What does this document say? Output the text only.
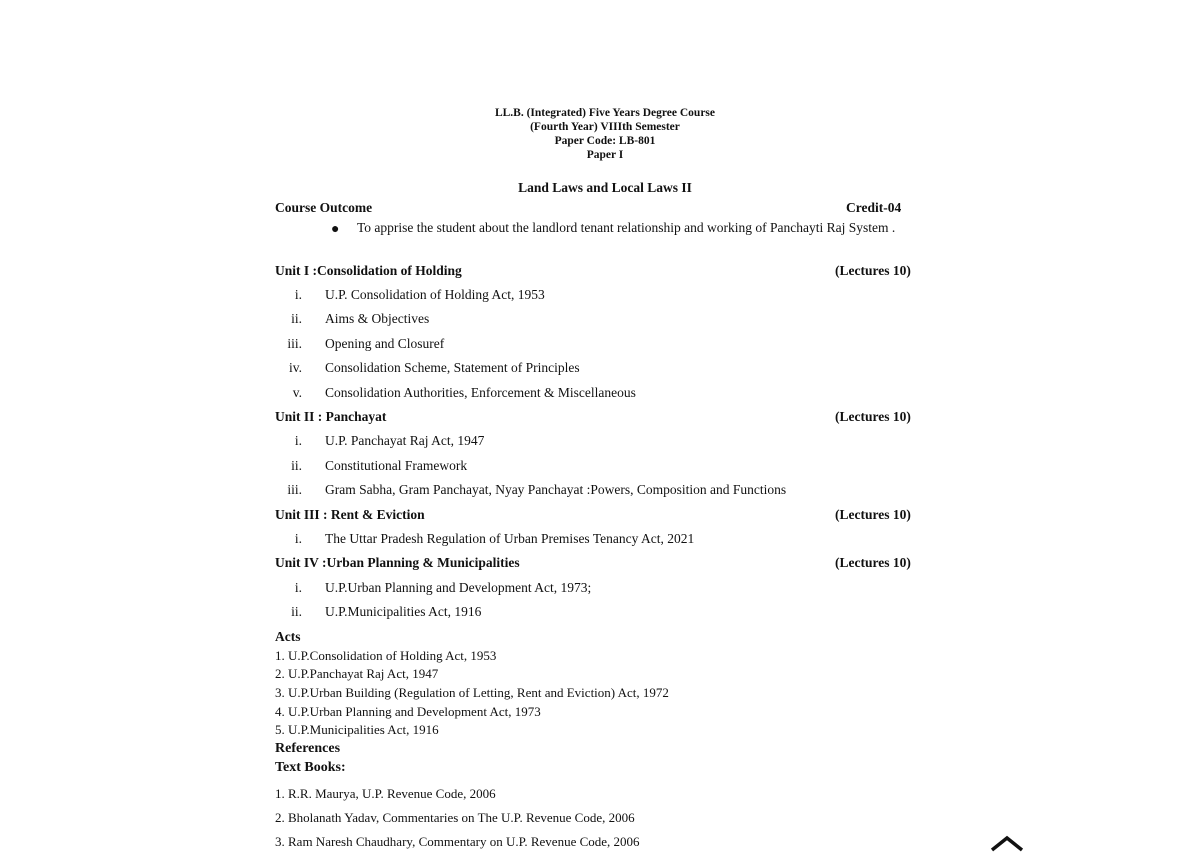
LL.B. (Integrated) Five Years Degree Course
(Fourth Year) VIIIth Semester
Paper Code: LB-801
Paper I
Land Laws and Local Laws II
Course Outcome	Credit-04
● To apprise the student about the landlord tenant relationship and working of Panchayti Raj System .
Unit I :Consolidation of Holding	(Lectures 10)
i. U.P. Consolidation of Holding Act, 1953
ii. Aims & Objectives
iii. Opening and Closuref
iv. Consolidation Scheme, Statement of Principles
v. Consolidation Authorities, Enforcement & Miscellaneous
Unit II : Panchayat	(Lectures 10)
i. U.P. Panchayat Raj Act, 1947
ii. Constitutional Framework
iii. Gram Sabha, Gram Panchayat, Nyay Panchayat :Powers, Composition and Functions
Unit III : Rent & Eviction	(Lectures 10)
i. The Uttar Pradesh Regulation of Urban Premises Tenancy Act, 2021
Unit IV :Urban Planning & Municipalities	(Lectures 10)
i. U.P.Urban Planning and Development Act, 1973;
ii. U.P.Municipalities Act, 1916
Acts
1. U.P.Consolidation of Holding Act, 1953
2. U.P.Panchayat Raj Act, 1947
3. U.P.Urban Building (Regulation of Letting, Rent and Eviction) Act, 1972
4. U.P.Urban Planning and Development Act, 1973
5. U.P.Municipalities Act, 1916
References
Text Books:
1. R.R. Maurya, U.P. Revenue Code, 2006
2. Bholanath Yadav, Commentaries on The U.P. Revenue Code, 2006
3. Ram Naresh Chaudhary, Commentary on U.P. Revenue Code, 2006
